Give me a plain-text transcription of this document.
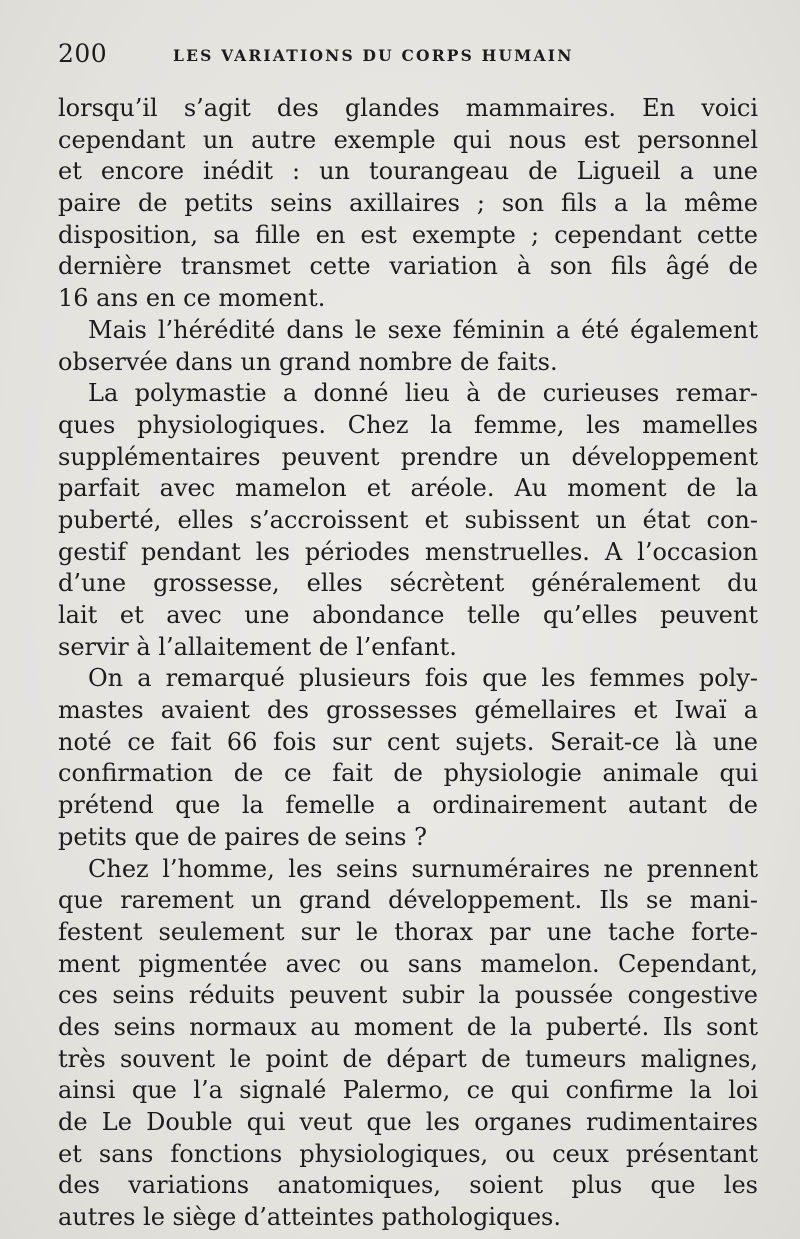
200	LES VARIATIONS DU CORPS HUMAIN

lorsqu’il s’agit des glandes mammaires. En voici
cependant un autre exemple qui nous est personnel
et encore inédit : un tourangeau de Ligueil a une
paire de petits seins axillaires ; son fils a la même
disposition, sa fille en est exempte ; cependant cette
dernière transmet cette variation à son fils âgé de
16 ans en ce moment.

Mais l’hérédité dans le sexe féminin a été également
observée dans un grand nombre de faits.

La polymastie a donné lieu à de curieuses remar-
ques physiologiques. Chez la femme, les mamelles
supplémentaires peuvent prendre un développement
parfait avec mamelon et aréole. Au moment de la
puberté, elles s’accroissent et subissent un état con-
gestif pendant les périodes menstruelles. A l’occasion
d’une grossesse, elles sécrètent généralement du
lait et avec une abondance telle qu’elles peuvent
servir à l’allaitement de l’enfant.

On a remarqué plusieurs fois que les femmes poly-
mastes avaient des grossesses gémellaires et Iwaï a
noté ce fait 66 fois sur cent sujets. Serait-ce là une
confirmation de ce fait de physiologie animale qui
prétend que la femelle a ordinairement autant de
petits que de paires de seins ?

Chez l’homme, les seins surnuméraires ne prennent
que rarement un grand développement. Ils se mani-
festent seulement sur le thorax par une tache forte-
ment pigmentée avec ou sans mamelon. Cependant,
ces seins réduits peuvent subir la poussée congestive
des seins normaux au moment de la puberté. Ils sont
très souvent le point de départ de tumeurs malignes,
ainsi que l’a signalé Palermo, ce qui confirme la loi
de Le Double qui veut que les organes rudimentaires
et sans fonctions physiologiques, ou ceux présentant
des variations anatomiques, soient plus que les
autres le siège d’atteintes pathologiques.
